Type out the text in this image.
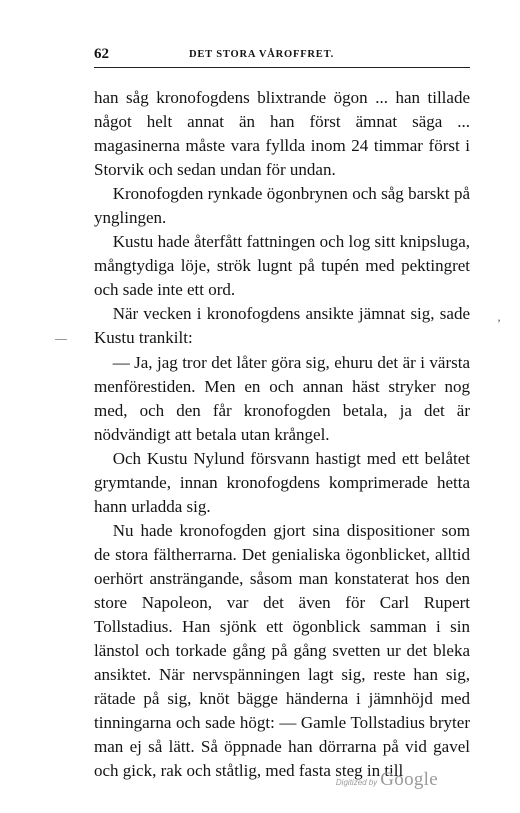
62	DET STORA VÅROFFRET.

han såg kronofogdens blixtrande ögon ... han tillade något helt annat än han först ämnat säga ... magasinerna måste vara fyllda inom 24 timmar först i Storvik och sedan undan för undan.

Kronofogden rynkade ögonbrynen och såg barskt på ynglingen.

Kustu hade återfått fattningen och log sitt knipsluga, mångtydiga löje, strök lugnt på tupén med pektingret och sade inte ett ord.

När vecken i kronofogdens ansikte jämnat sig, sade Kustu trankilt:

— Ja, jag tror det låter göra sig, ehuru det är i värsta menförestiden. Men en och annan häst stryker nog med, och den får kronofogden betala, ja det är nödvändigt att betala utan krångel.

Och Kustu Nylund försvann hastigt med ett belåtet grymtande, innan kronofogdens komprimerade hetta hann urladda sig.

Nu hade kronofogden gjort sina dispositioner som de stora fältherrarna. Det genialiska ögonblicket, alltid oerhört ansträngande, såsom man konstaterat hos den store Napoleon, var det även för Carl Rupert Tollstadius. Han sjönk ett ögonblick samman i sin länstol och torkade gång på gång svetten ur det bleka ansiktet. När nervspänningen lagt sig, reste han sig, rätade på sig, knöt bägge händerna i jämnhöjd med tinningarna och sade högt: — Gamle Tollstadius bryter man ej så lätt. Så öppnade han dörrarna på vid gavel och gick, rak och ståtlig, med fasta steg in till

’
—
Digitized by Google
